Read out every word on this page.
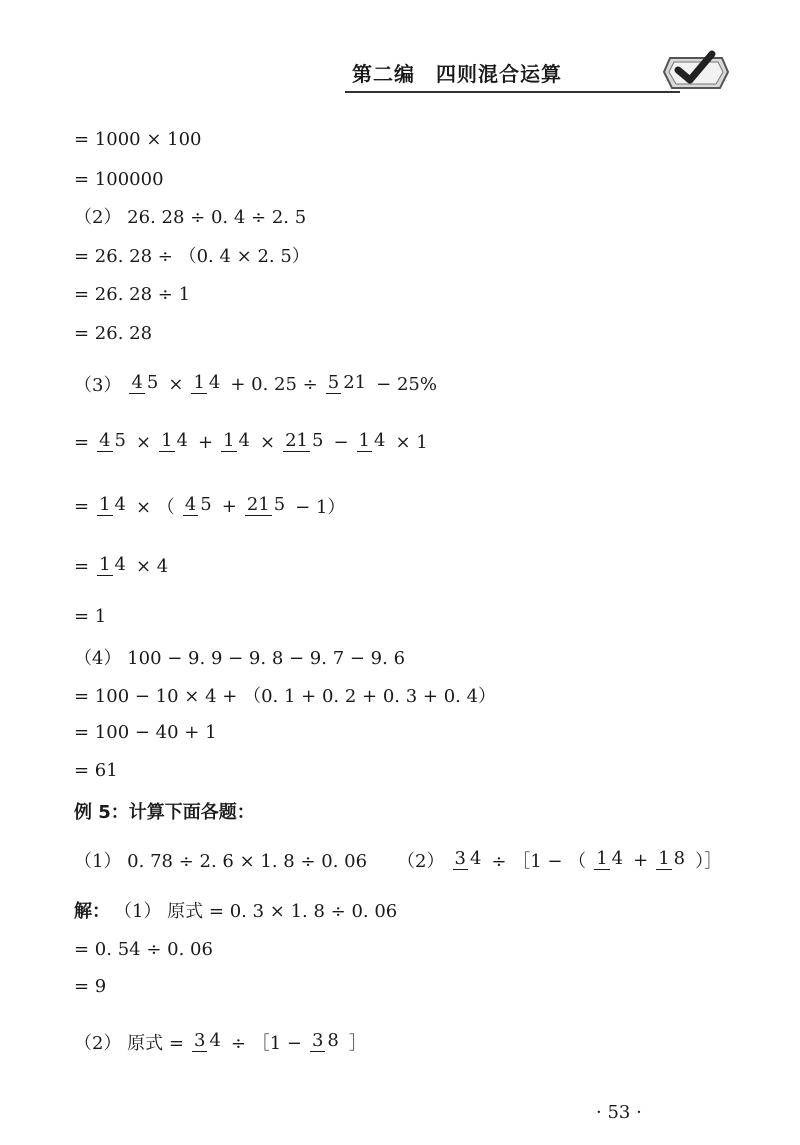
第二编　四则混合运算
= 1000 × 100
= 100000
（2） 26. 28 ÷ 0. 4 ÷ 2. 5
= 26. 28 ÷ （0. 4 × 2. 5）
= 26. 28 ÷ 1
= 26. 28
（3） 4 5 × 1 4 + 0. 25 ÷ 5 21 − 25%
= 4 5 × 1 4 + 1 4 × 21 5 − 1 4 × 1
= 1 4 × （ 4 5 + 21 5 − 1）
= 1 4 × 4
= 1
（4） 100 − 9. 9 − 9. 8 − 9. 7 − 9. 6
= 100 − 10 × 4 + （0. 1 + 0. 2 + 0. 3 + 0. 4）
= 100 − 40 + 1
= 61
例 5：计算下面各题：
（1） 0. 78 ÷ 2. 6 × 1. 8 ÷ 0. 06 （2） 3 4 ÷ ［1 − （ 1 4 + 1 8 ）］
解： （1） 原式 = 0. 3 × 1. 8 ÷ 0. 06
= 0. 54 ÷ 0. 06
= 9
（2） 原式 = 3 4 ÷ ［1 − 3 8 ］
· 53 ·
